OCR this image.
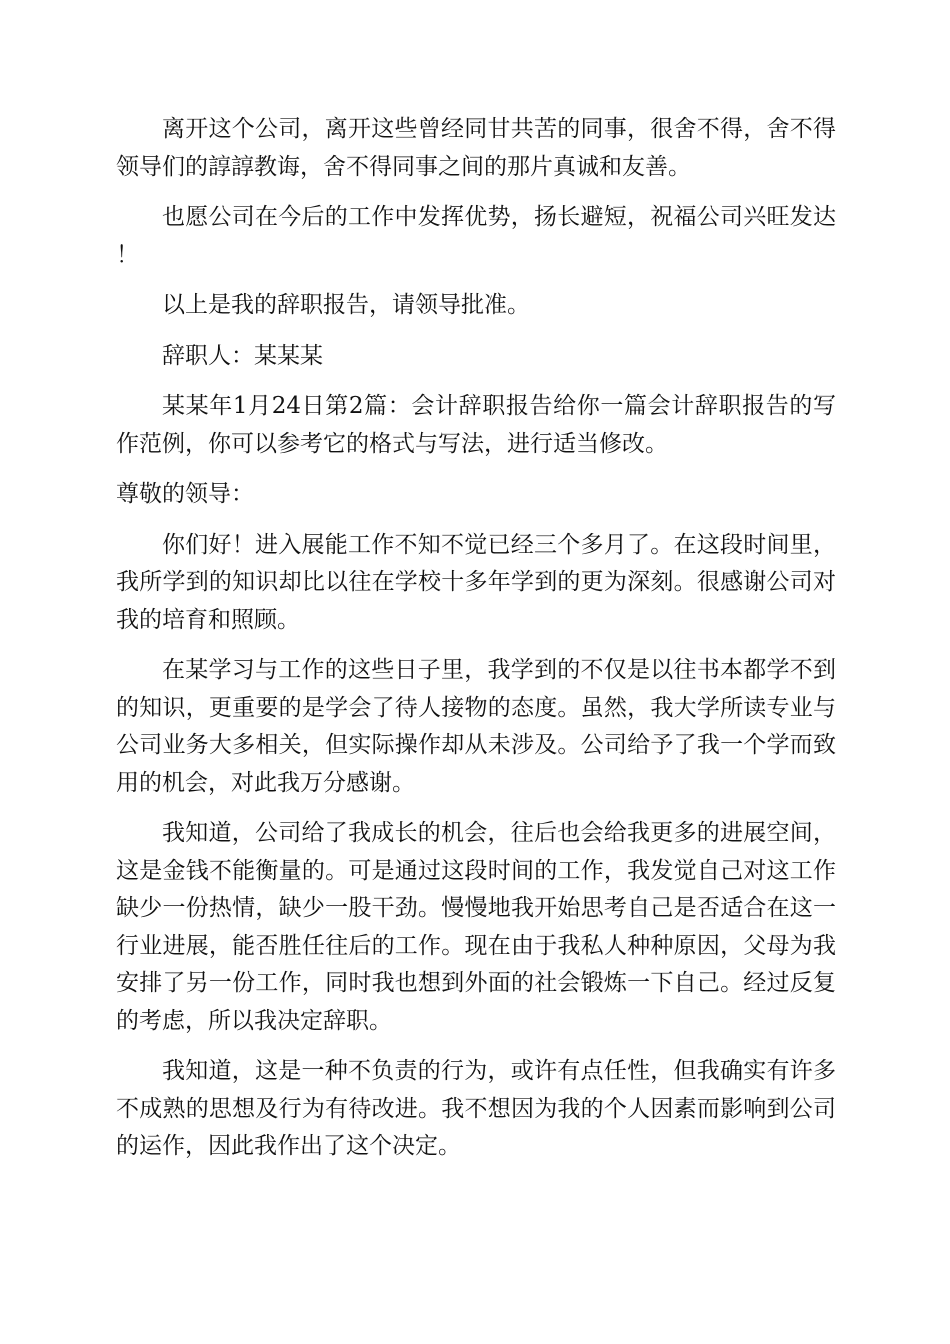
离开这个公司，离开这些曾经同甘共苦的同事，很舍不得，舍不得领导们的諄諄教诲，舍不得同事之间的那片真诚和友善。

也愿公司在今后的工作中发挥优势，扬长避短，祝福公司兴旺发达！

以上是我的辞职报告，请领导批准。

辞职人：某某某

某某年1月24日第2篇：会计辞职报告给你一篇会计辞职报告的写作范例，你可以参考它的格式与写法，进行适当修改。

尊敬的领导：

你们好！进入展能工作不知不觉已经三个多月了。在这段时间里，我所学到的知识却比以往在学校十多年学到的更为深刻。很感谢公司对我的培育和照顾。

在某学习与工作的这些日子里，我学到的不仅是以往书本都学不到的知识，更重要的是学会了待人接物的态度。虽然，我大学所读专业与公司业务大多相关，但实际操作却从未涉及。公司给予了我一个学而致用的机会，对此我万分感谢。

我知道，公司给了我成长的机会，往后也会给我更多的进展空间，这是金钱不能衡量的。可是通过这段时间的工作，我发觉自己对这工作缺少一份热情，缺少一股干劲。慢慢地我开始思考自己是否适合在这一行业进展，能否胜任往后的工作。现在由于我私人种种原因，父母为我安排了另一份工作，同时我也想到外面的社会锻炼一下自己。经过反复的考虑，所以我决定辞职。

我知道，这是一种不负责的行为，或许有点任性，但我确实有许多不成熟的思想及行为有待改进。我不想因为我的个人因素而影响到公司的运作，因此我作出了这个决定。
